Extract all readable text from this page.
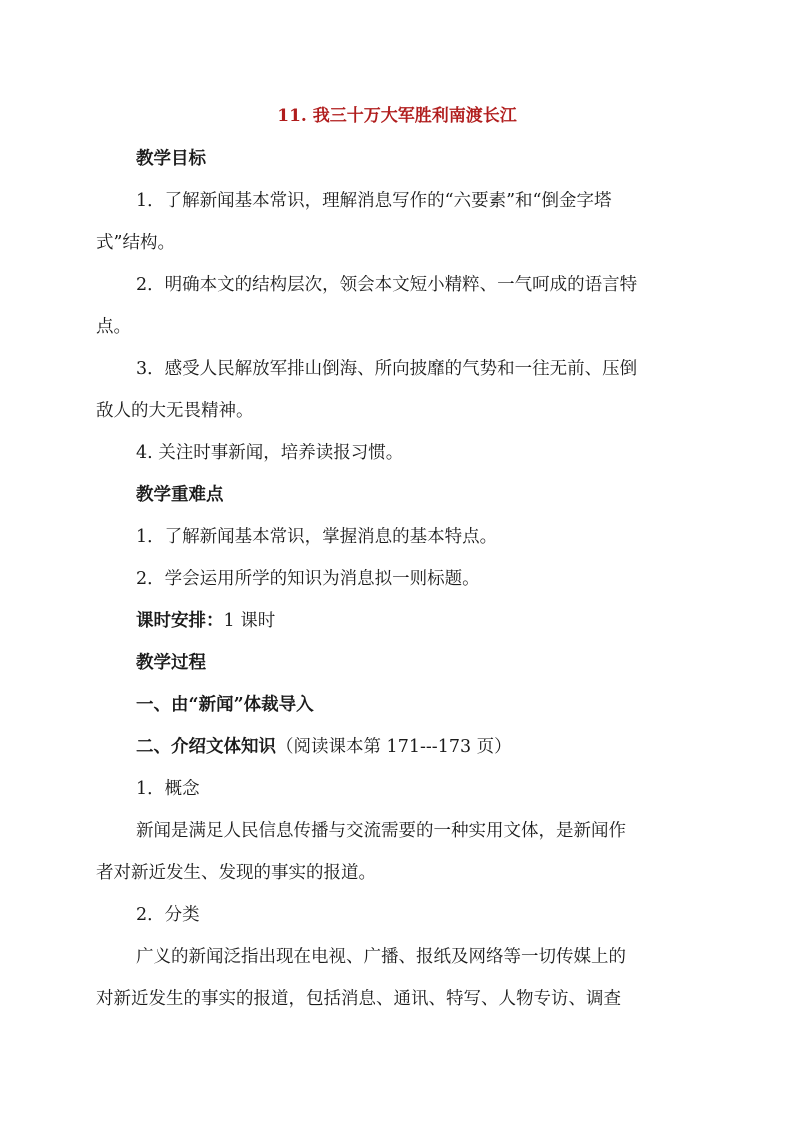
11. 我三十万大军胜利南渡长江
教学目标
1．了解新闻基本常识，理解消息写作的“六要素”和“倒金字塔
式”结构。
2．明确本文的结构层次，领会本文短小精粹、一气呵成的语言特
点。
3．感受人民解放军排山倒海、所向披靡的气势和一往无前、压倒
敌人的大无畏精神。
4. 关注时事新闻，培养读报习惯。
教学重难点
1．了解新闻基本常识，掌握消息的基本特点。
2．学会运用所学的知识为消息拟一则标题。
课时安排：1 课时
教学过程
一、由“新闻”体裁导入
二、介绍文体知识（阅读课本第 171---173 页）
1．概念
新闻是满足人民信息传播与交流需要的一种实用文体，是新闻作
者对新近发生、发现的事实的报道。
2．分类
广义的新闻泛指出现在电视、广播、报纸及网络等一切传媒上的
对新近发生的事实的报道，包括消息、通讯、特写、人物专访、调查
